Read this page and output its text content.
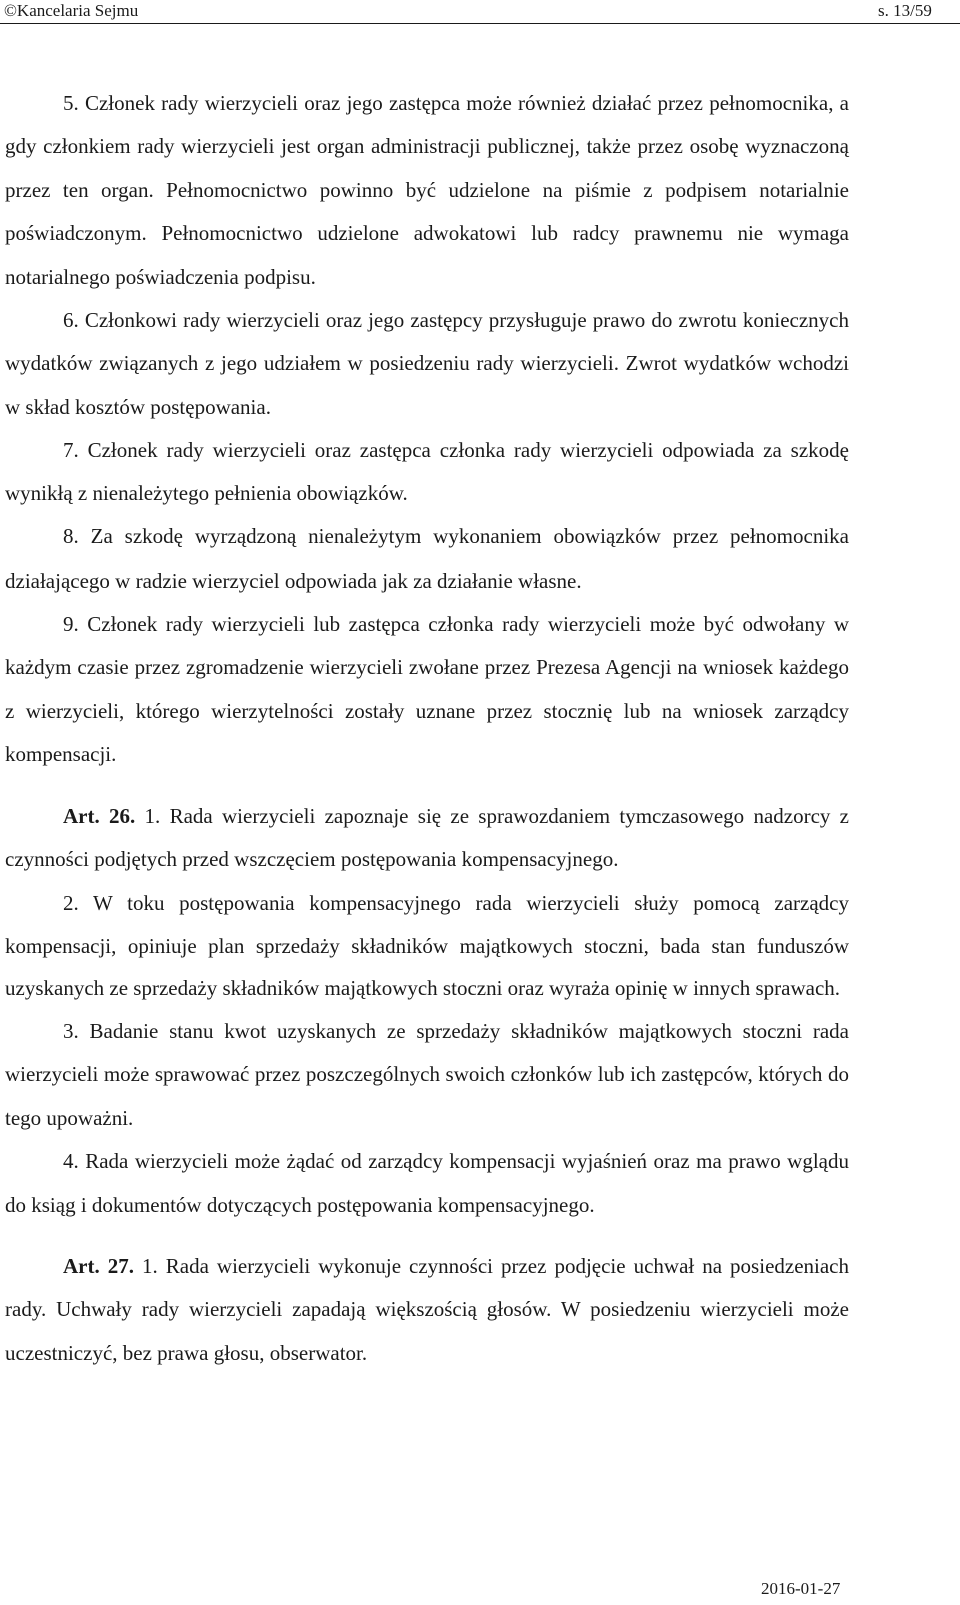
©Kancelaria Sejmu	s. 13/59

5. Członek rady wierzycieli oraz jego zastępca może również działać przez pełnomocnika, a gdy członkiem rady wierzycieli jest organ administracji publicznej, także przez osobę wyznaczoną przez ten organ. Pełnomocnictwo powinno być udzielone na piśmie z podpisem notarialnie poświadczonym. Pełnomocnictwo udzielone adwokatowi lub radcy prawnemu nie wymaga notarialnego poświadczenia podpisu.

6. Członkowi rady wierzycieli oraz jego zastępcy przysługuje prawo do zwrotu koniecznych wydatków związanych z jego udziałem w posiedzeniu rady wierzycieli. Zwrot wydatków wchodzi w skład kosztów postępowania.

7. Członek rady wierzycieli oraz zastępca członka rady wierzycieli odpowiada za szkodę wynikłą z nienależytego pełnienia obowiązków.

8. Za szkodę wyrządzoną nienależytym wykonaniem obowiązków przez pełnomocnika działającego w radzie wierzyciel odpowiada jak za działanie własne.

9. Członek rady wierzycieli lub zastępca członka rady wierzycieli może być odwołany w każdym czasie przez zgromadzenie wierzycieli zwołane przez Prezesa Agencji na wniosek każdego z wierzycieli, którego wierzytelności zostały uznane przez stocznię lub na wniosek zarządcy kompensacji.

Art. 26. 1. Rada wierzycieli zapoznaje się ze sprawozdaniem tymczasowego nadzorcy z czynności podjętych przed wszczęciem postępowania kompensacyjnego.

2. W toku postępowania kompensacyjnego rada wierzycieli służy pomocą zarządcy kompensacji, opiniuje plan sprzedaży składników majątkowych stoczni, bada stan funduszów uzyskanych ze sprzedaży składników majątkowych stoczni oraz wyraża opinię w innych sprawach.

3. Badanie stanu kwot uzyskanych ze sprzedaży składników majątkowych stoczni rada wierzycieli może sprawować przez poszczególnych swoich członków lub ich zastępców, których do tego upoważni.

4. Rada wierzycieli może żądać od zarządcy kompensacji wyjaśnień oraz ma prawo wglądu do ksiąg i dokumentów dotyczących postępowania kompensacyjnego.

Art. 27. 1. Rada wierzycieli wykonuje czynności przez podjęcie uchwał na posiedzeniach rady. Uchwały rady wierzycieli zapadają większością głosów. W posiedzeniu wierzycieli może uczestniczyć, bez prawa głosu, obserwator.

2016-01-27
